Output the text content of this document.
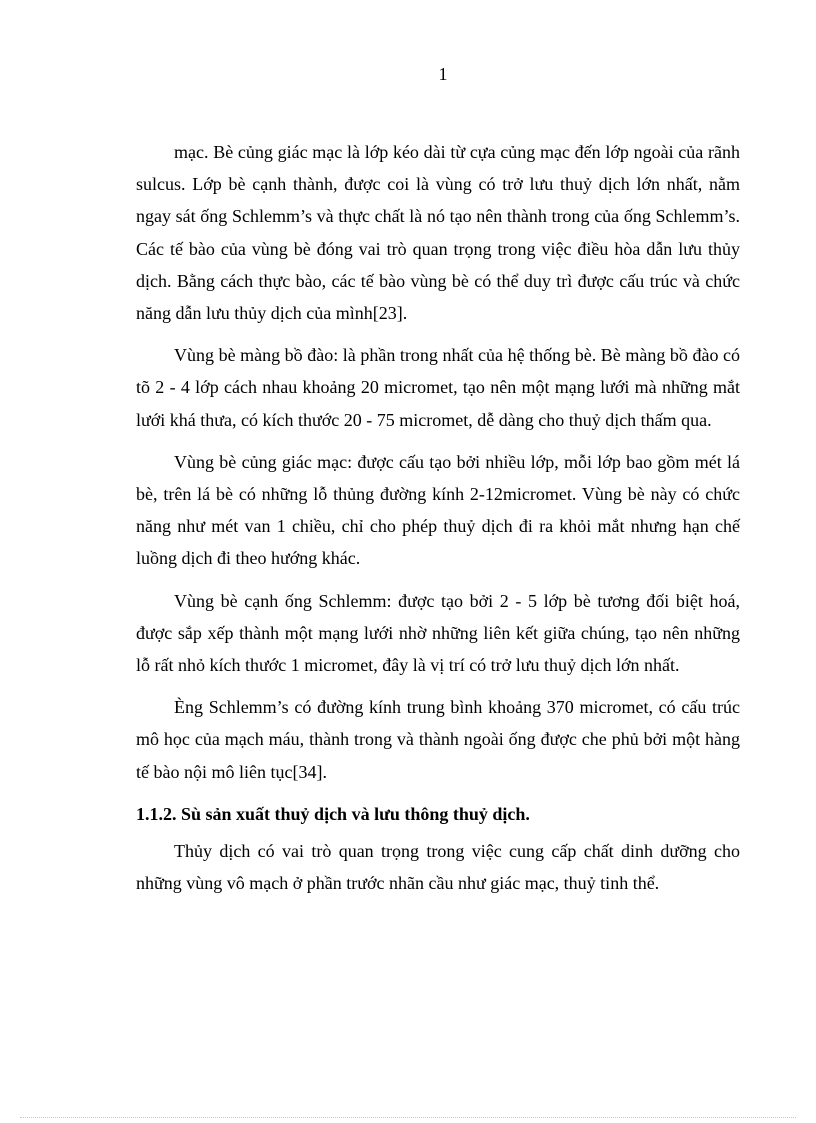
1

mạc. Bè củng giác mạc là lớp kéo dài từ cựa củng mạc đến lớp ngoài của rãnh sulcus. Lớp bè cạnh thành, được coi là vùng có trở lưu thuỷ dịch lớn nhất, nằm ngay sát ống Schlemm’s và thực chất là nó tạo nên thành trong của ống Schlemm’s. Các tế bào của vùng bè đóng vai trò quan trọng trong việc điều hòa dẫn lưu thủy dịch. Bằng cách thực bào, các tế bào vùng bè có thể duy trì được cấu trúc và chức năng dẫn lưu thủy dịch của mình[23].

Vùng bè màng bồ đào: là phần trong nhất của hệ thống bè. Bè màng bồ đào có tõ 2 - 4 lớp cách nhau khoảng 20 micromet, tạo nên một mạng lưới mà những mắt lưới khá thưa, có kích thước 20 - 75 micromet, dễ dàng cho thuỷ dịch thấm qua.

Vùng bè củng giác mạc: được cấu tạo bởi nhiều lớp, mỗi lớp bao gồm mét lá bè, trên lá bè có những lỗ thủng đường kính 2-12micromet. Vùng bè này có chức năng như mét van 1 chiều, chỉ cho phép thuỷ dịch đi ra khỏi mắt nhưng hạn chế luồng dịch đi theo hướng khác.

Vùng bè cạnh ống Schlemm: được tạo bởi 2 - 5 lớp bè tương đối biệt hoá, được sắp xếp thành một mạng lưới nhờ những liên kết giữa chúng, tạo nên những lỗ rất nhỏ kích thước 1 micromet, đây là vị trí có trở lưu thuỷ dịch lớn nhất.

Èng Schlemm’s có đường kính trung bình khoảng 370 micromet, có cấu trúc mô học của mạch máu, thành trong và thành ngoài ống được che phủ bởi một hàng tế bào nội mô liên tục[34].

1.1.2. Sù sản xuất thuỷ dịch và lưu thông thuỷ dịch.

Thủy dịch có vai trò quan trọng trong việc cung cấp chất dinh dưỡng cho những vùng vô mạch ở phần trước nhãn cầu như giác mạc, thuỷ tinh thể.
